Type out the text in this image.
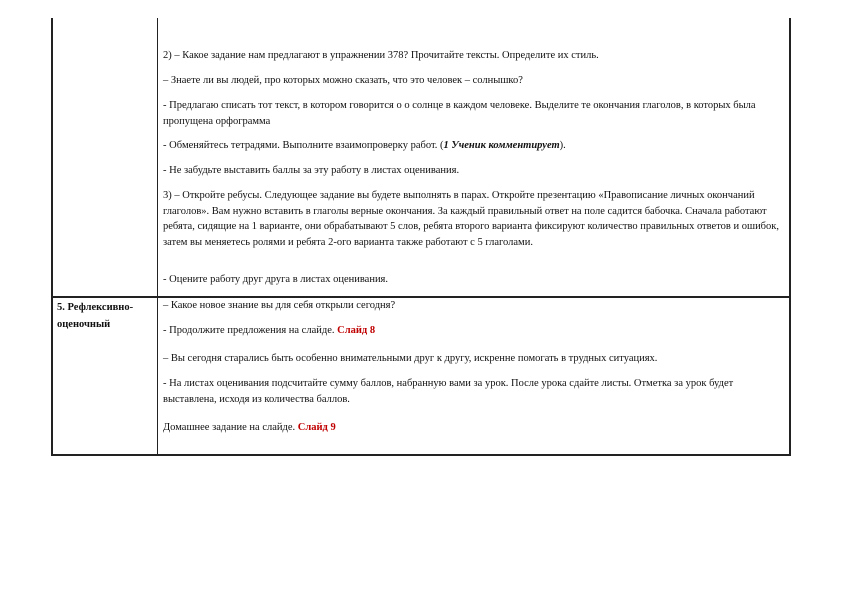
5. Рефлексивно-

оценочный

2) – Какое задание нам предлагают в упражнении 378? Прочитайте тексты. Определите их стиль.

– Знаете ли вы людей, про которых можно сказать, что это человек – солнышко?

- Предлагаю списать тот текст, в котором говорится о о солнце в каждом человеке. Выделите те окончания глаголов, в которых была пропущена орфограмма

- Обменяйтесь тетрадями. Выполните взаимопроверку работ. (1 Ученик комментирует).

- Не забудьте выставить баллы за эту работу в листах оценивания.

3) – Откройте ребусы. Следующее задание вы будете выполнять в парах. Откройте презентацию «Правописание личных окончаний глаголов». Вам нужно вставить в глаголы верные окончания. За каждый правильный ответ на поле садится бабочка. Сначала работают ребята, сидящие на 1 варианте, они обрабатывают 5 слов, ребята второго варианта фиксируют количество правильных ответов и ошибок, затем вы меняетесь ролями и ребята 2-ого варианта также работают с 5 глаголами.

- Оцените работу друг друга в листах оценивания.

– Какое новое знание вы для себя открыли сегодня?

- Продолжите предложения на слайде. Слайд 8

– Вы сегодня старались быть особенно внимательными друг к другу, искренне помогать в трудных ситуациях.

- На листах оценивания подсчитайте сумму баллов, набранную вами за урок. После урока сдайте листы. Отметка за урок будет выставлена, исходя из количества баллов.

Домашнее задание на слайде. Слайд 9
